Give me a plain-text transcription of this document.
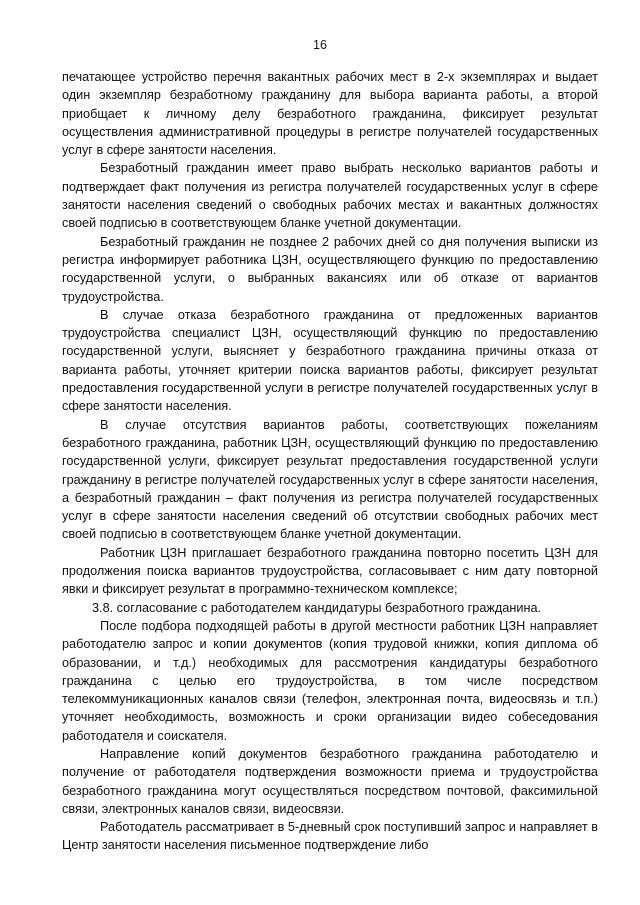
16

печатающее устройство перечня вакантных рабочих мест в 2-х экземплярах и выдает один экземпляр безработному гражданину для выбора варианта работы, а второй приобщает к личному делу безработного гражданина, фиксирует результат осуществления административной процедуры в регистре получателей государственных услуг в сфере занятости населения.

Безработный гражданин имеет право выбрать несколько вариантов работы и подтверждает факт получения из регистра получателей государственных услуг в сфере занятости населения сведений о свободных рабочих местах и вакантных должностях своей подписью в соответствующем бланке учетной документации.

Безработный гражданин не позднее 2 рабочих дней со дня получения выписки из регистра информирует работника ЦЗН, осуществляющего функцию по предоставлению государственной услуги, о выбранных вакансиях или об отказе от вариантов трудоустройства.

В случае отказа безработного гражданина от предложенных вариантов трудоустройства специалист ЦЗН, осуществляющий функцию по предоставлению государственной услуги, выясняет у безработного гражданина причины отказа от варианта работы, уточняет критерии поиска вариантов работы, фиксирует результат предоставления государственной услуги в регистре получателей государственных услуг в сфере занятости населения.

В случае отсутствия вариантов работы, соответствующих пожеланиям безработного гражданина, работник ЦЗН, осуществляющий функцию по предоставлению государственной услуги, фиксирует результат предоставления государственной услуги гражданину в регистре получателей государственных услуг в сфере занятости населения, а безработный гражданин – факт получения из регистра получателей государственных услуг в сфере занятости населения сведений об отсутствии свободных рабочих мест своей подписью в соответствующем бланке учетной документации.

Работник ЦЗН приглашает безработного гражданина повторно посетить ЦЗН для продолжения поиска вариантов трудоустройства, согласовывает с ним дату повторной явки и фиксирует результат в программно-техническом комплексе;

3.8. согласование с работодателем кандидатуры безработного гражданина.

После подбора подходящей работы в другой местности работник ЦЗН направляет работодателю запрос и копии документов (копия трудовой книжки, копия диплома об образовании, и т.д.) необходимых для рассмотрения кандидатуры безработного гражданина с целью его трудоустройства, в том числе посредством телекоммуникационных каналов связи (телефон, электронная почта, видеосвязь и т.п.) уточняет необходимость, возможность и сроки организации видео собеседования работодателя и соискателя.

Направление копий документов безработного гражданина работодателю и получение от работодателя подтверждения возможности приема и трудоустройства безработного гражданина могут осуществляться посредством почтовой, факсимильной связи, электронных каналов связи, видеосвязи.

Работодатель рассматривает в 5-дневный срок поступивший запрос и направляет в Центр занятости населения письменное подтверждение либо
